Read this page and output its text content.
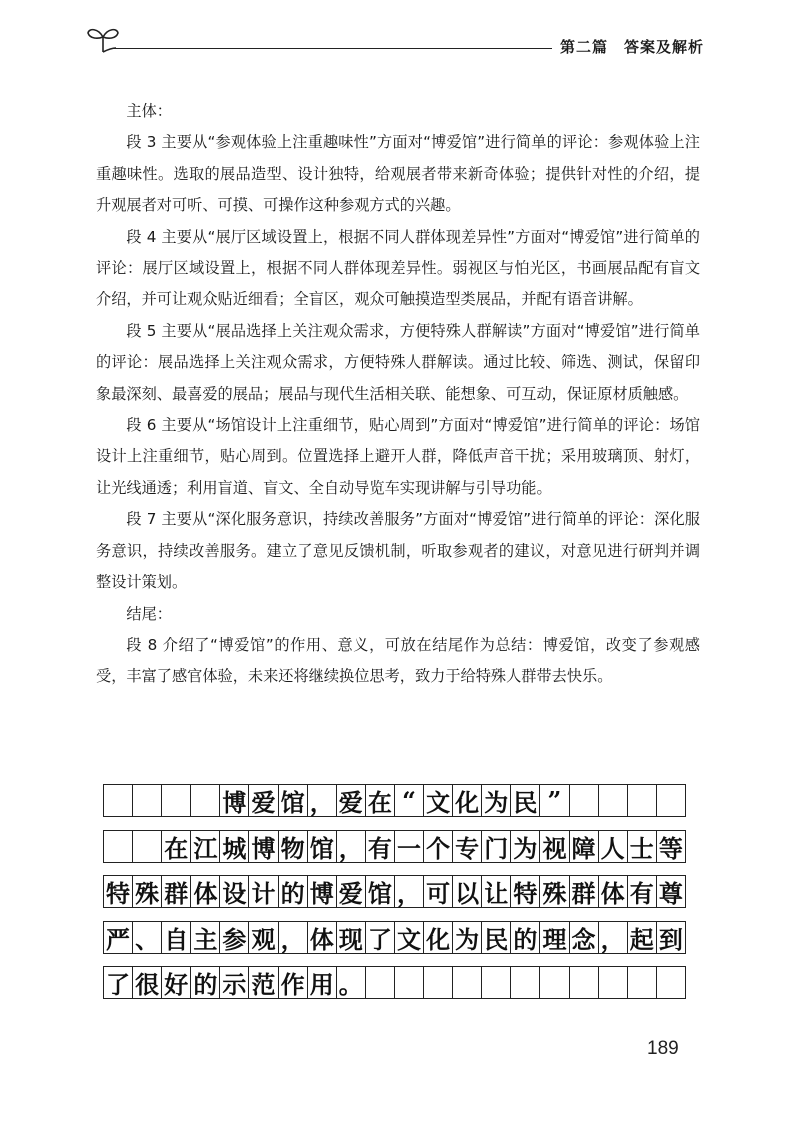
第二篇　答案及解析

主体：

段 3 主要从“参观体验上注重趣味性”方面对“博爱馆”进行简单的评论：参观体验上注重趣味性。选取的展品造型、设计独特，给观展者带来新奇体验；提供针对性的介绍，提升观展者对可听、可摸、可操作这种参观方式的兴趣。

段 4 主要从“展厅区域设置上，根据不同人群体现差异性”方面对“博爱馆”进行简单的评论：展厅区域设置上，根据不同人群体现差异性。弱视区与怕光区，书画展品配有盲文介绍，并可让观众贴近细看；全盲区，观众可触摸造型类展品，并配有语音讲解。

段 5 主要从“展品选择上关注观众需求，方便特殊人群解读”方面对“博爱馆”进行简单的评论：展品选择上关注观众需求，方便特殊人群解读。通过比较、筛选、测试，保留印象最深刻、最喜爱的展品；展品与现代生活相关联、能想象、可互动，保证原材质触感。

段 6 主要从“场馆设计上注重细节，贴心周到”方面对“博爱馆”进行简单的评论：场馆设计上注重细节，贴心周到。位置选择上避开人群，降低声音干扰；采用玻璃顶、射灯，让光线通透；利用盲道、盲文、全自动导览车实现讲解与引导功能。

段 7 主要从“深化服务意识，持续改善服务”方面对“博爱馆”进行简单的评论：深化服务意识，持续改善服务。建立了意见反馈机制，听取参观者的建议，对意见进行研判并调整设计策划。

结尾：

段 8 介绍了“博爱馆”的作用、意义，可放在结尾作为总结：博爱馆，改变了参观感受，丰富了感官体验，未来还将继续换位思考，致力于给特殊人群带去快乐。

博 爱 馆 ， 爱 在 “ 文 化 为 民 ”
在 江 城 博 物 馆 ， 有 一 个 专 门 为 视 障 人 士 等
特 殊 群 体 设 计 的 博 爱 馆 ， 可 以 让 特 殊 群 体 有 尊
严 、 自 主 参 观 ， 体 现 了 文 化 为 民 的 理 念 ， 起 到
了 很 好 的 示 范 作 用 。
189
